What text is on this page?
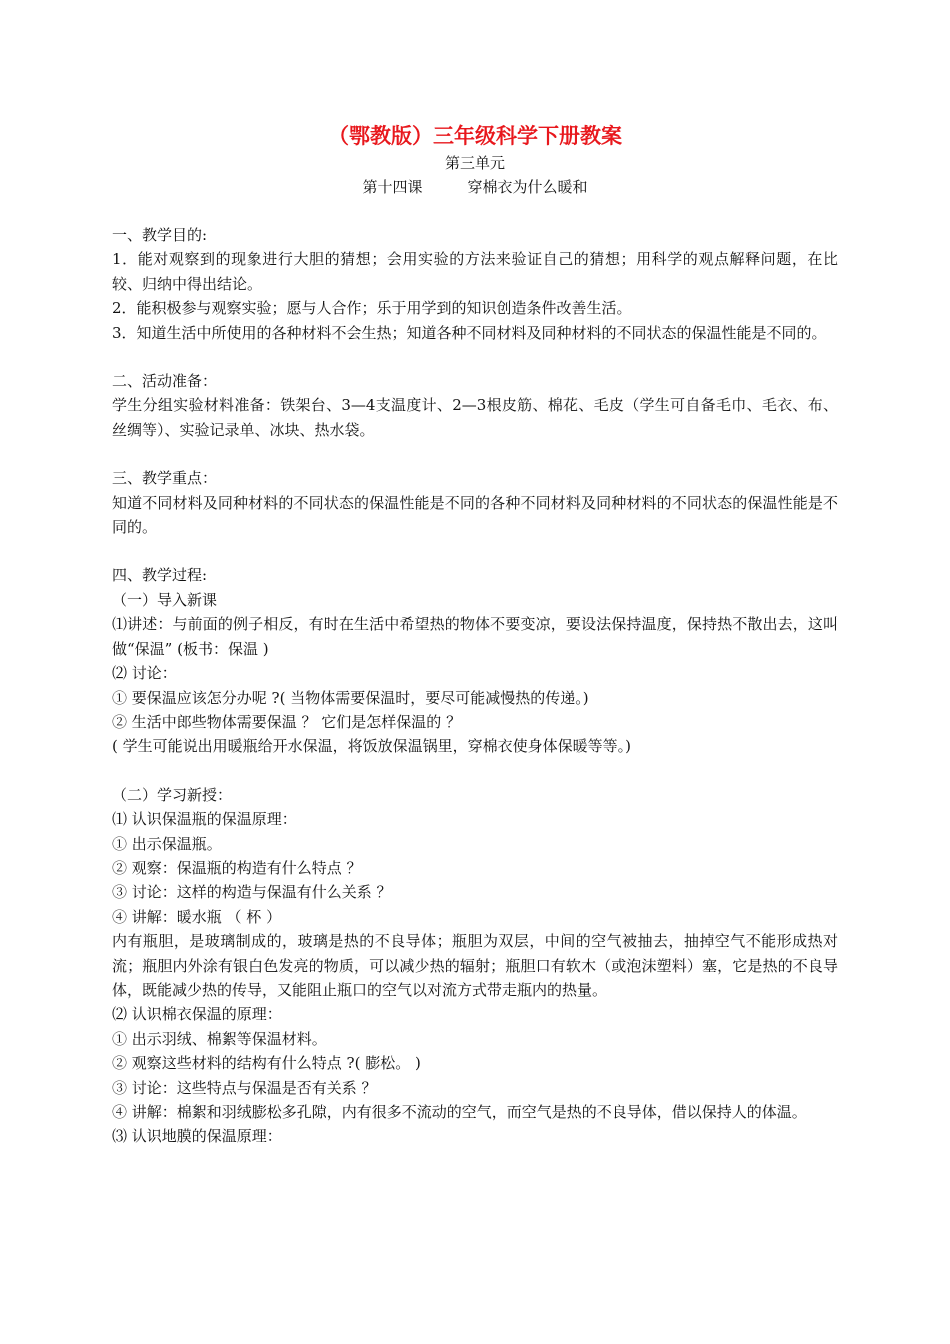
（鄂教版）三年级科学下册教案

第三单元

第十四课　　　穿棉衣为什么暖和

一、教学目的:

1．能对观察到的现象进行大胆的猜想；会用实验的方法来验证自己的猜想；用科学的观点解释问题，在比较、归纳中得出结论。

2．能积极参与观察实验；愿与人合作；乐于用学到的知识创造条件改善生活。

3．知道生活中所使用的各种材料不会生热；知道各种不同材料及同种材料的不同状态的保温性能是不同的。

二、活动准备：

学生分组实验材料准备：铁架台、3—4支温度计、2—3根皮筋、棉花、毛皮（学生可自备毛巾、毛衣、布、丝绸等）、实验记录单、冰块、热水袋。

三、教学重点：

知道不同材料及同种材料的不同状态的保温性能是不同的各种不同材料及同种材料的不同状态的保温性能是不同的。

四、教学过程:

（一）导入新课

⑴讲述：与前面的例子相反，有时在生活中希望热的物体不要变凉，要设法保持温度，保持热不散出去，这叫做“保温” (板书：保温 )

⑵ 讨论：

① 要保温应该怎分办呢 ?( 当物体需要保温时，要尽可能减慢热的传递。)

② 生活中郎些物体需要保温 ？ 它们是怎样保温的 ？

( 学生可能说出用暖瓶给开水保温，将饭放保温锅里，穿棉衣使身体保暖等等。)

（二）学习新授：

⑴ 认识保温瓶的保温原理：

① 出示保温瓶。

② 观察：保温瓶的构造有什么特点 ？

③ 讨论：这样的构造与保温有什么关系 ？

④ 讲解：暖水瓶 （ 杯 ）

内有瓶胆，是玻璃制成的，玻璃是热的不良导体；瓶胆为双层，中间的空气被抽去，抽掉空气不能形成热对流；瓶胆内外涂有银白色发亮的物质，可以减少热的辐射；瓶胆口有软木（或泡沫塑料）塞，它是热的不良导体，既能减少热的传导，又能阻止瓶口的空气以对流方式带走瓶内的热量。

⑵ 认识棉衣保温的原理：

① 出示羽绒、棉絮等保温材料。

② 观察这些材料的结构有什么特点 ?( 膨松。 )

③ 讨论：这些特点与保温是否有关系 ？

④ 讲解：棉絮和羽绒膨松多孔隙，内有很多不流动的空气，而空气是热的不良导体，借以保持人的体温。

⑶ 认识地膜的保温原理：
